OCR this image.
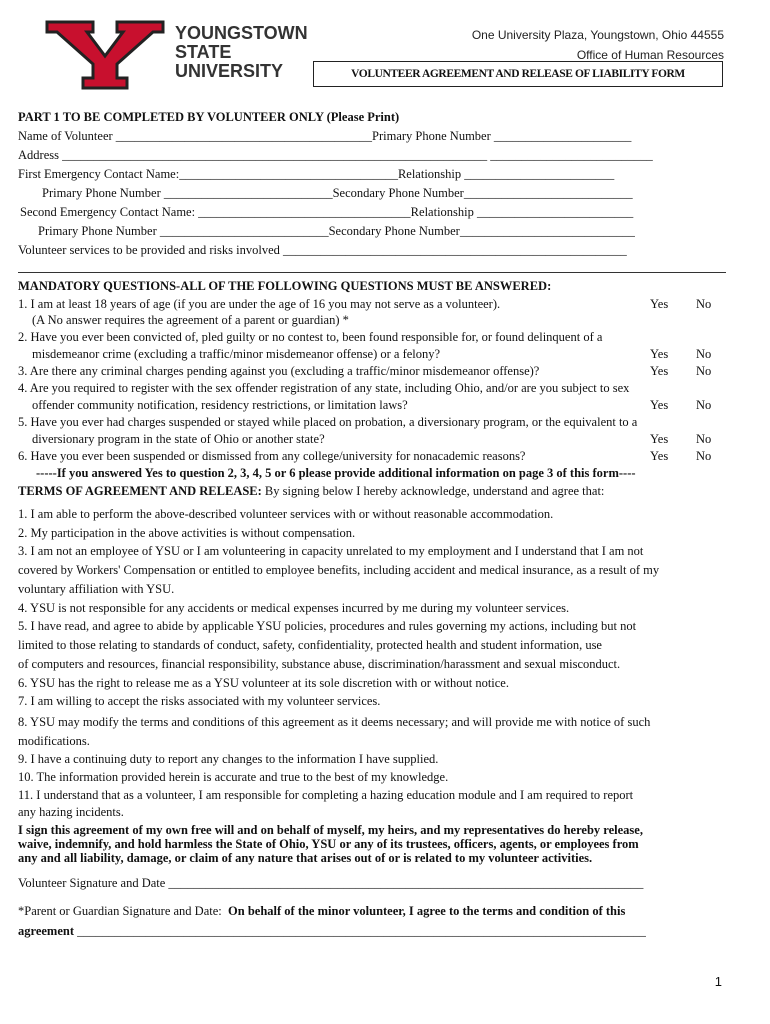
YOUNGSTOWN
STATE
UNIVERSITY
One University Plaza, Youngstown, Ohio 44555
Office of Human Resources
VOLUNTEER AGREEMENT AND RELEASE OF LIABILITY FORM
PART 1 TO BE COMPLETED BY VOLUNTEER ONLY (Please Print)
Name of Volunteer _________________________________________Primary Phone Number ______________________
Address ____________________________________________________________________ __________________________
First Emergency Contact Name:___________________________________Relationship ________________________
Primary Phone Number ___________________________Secondary Phone Number___________________________
Second Emergency Contact Name: __________________________________Relationship _________________________
Primary Phone Number ___________________________Secondary Phone Number____________________________
Volunteer services to be provided and risks involved _______________________________________________________
MANDATORY QUESTIONS-ALL OF THE FOLLOWING QUESTIONS MUST BE ANSWERED:
1. I am at least 18 years of age (if you are under the age of 16 you may not serve as a volunteer).	Yes No
(A No answer requires the agreement of a parent or guardian) *
2. Have you ever been convicted of, pled guilty or no contest to, been found responsible for, or found delinquent of a
misdemeanor crime (excluding a traffic/minor misdemeanor offense) or a felony?	Yes No
3. Are there any criminal charges pending against you (excluding a traffic/minor misdemeanor offense)?	Yes No
4. Are you required to register with the sex offender registration of any state, including Ohio, and/or are you subject to sex
offender community notification, residency restrictions, or limitation laws?	Yes No
5. Have you ever had charges suspended or stayed while placed on probation, a diversionary program, or the equivalent to a
diversionary program in the state of Ohio or another state?	Yes No
6. Have you ever been suspended or dismissed from any college/university for nonacademic reasons?	Yes No
-----If you answered Yes to question 2, 3, 4, 5 or 6 please provide additional information on page 3 of this form----
TERMS OF AGREEMENT AND RELEASE: By signing below I hereby acknowledge, understand and agree that:
1. I am able to perform the above-described volunteer services with or without reasonable accommodation.
2. My participation in the above activities is without compensation.
3. I am not an employee of YSU or I am volunteering in capacity unrelated to my employment and I understand that I am not
covered by Workers' Compensation or entitled to employee benefits, including accident and medical insurance, as a result of my
voluntary affiliation with YSU.
4. YSU is not responsible for any accidents or medical expenses incurred by me during my volunteer services.
5. I have read, and agree to abide by applicable YSU policies, procedures and rules governing my actions, including but not
limited to those relating to standards of conduct, safety, confidentiality, protected health and student information, use
of computers and resources, financial responsibility, substance abuse, discrimination/harassment and sexual misconduct.
6. YSU has the right to release me as a YSU volunteer at its sole discretion with or without notice.
7. I am willing to accept the risks associated with my volunteer services.
8. YSU may modify the terms and conditions of this agreement as it deems necessary; and will provide me with notice of such
modifications.
9. I have a continuing duty to report any changes to the information I have supplied.
10. The information provided herein is accurate and true to the best of my knowledge.
11. I understand that as a volunteer, I am responsible for completing a hazing education module and I am required to report
any hazing incidents.
I sign this agreement of my own free will and on behalf of myself, my heirs, and my representatives do hereby release,
waive, indemnify, and hold harmless the State of Ohio, YSU or any of its trustees, officers, agents, or employees from
any and all liability, damage, or claim of any nature that arises out of or is related to my volunteer activities.
Volunteer Signature and Date ____________________________________________________________________________
*Parent or Guardian Signature and Date: On behalf of the minor volunteer, I agree to the terms and condition of this
agreement ___________________________________________________________________________________________
1
